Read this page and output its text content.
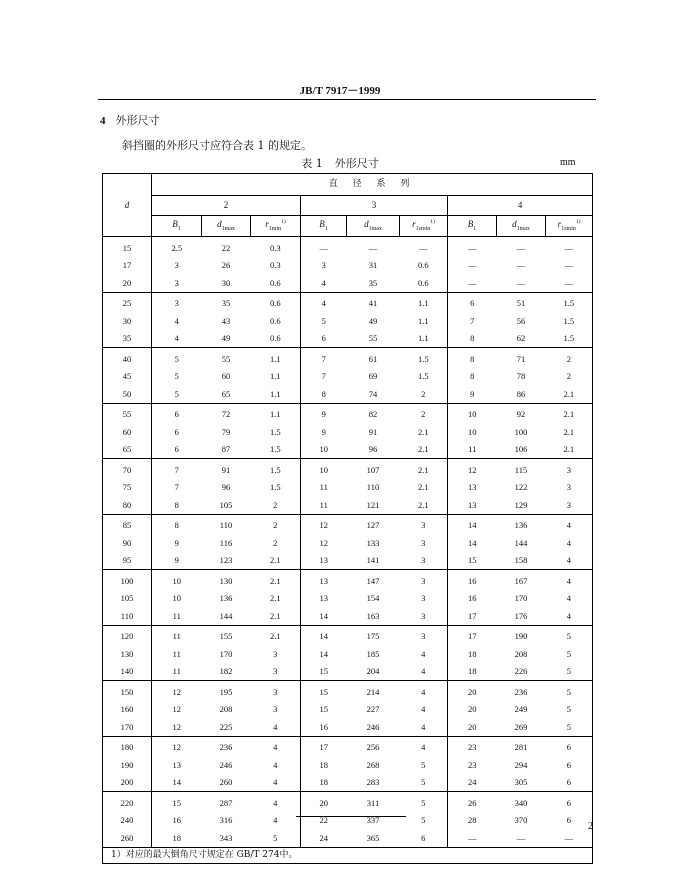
JB/T 7917－1999
4 外形尺寸
斜挡圈的外形尺寸应符合表 1 的规定。
表 1 外形尺寸	mm
d	直 径 系 列								
	2			3			4		
	$B_1$	$d_{1max}$	$r_{1min}^{1)}$	$B_1$	$d_{1max}$	$r_{1smin}^{1)}$	$B_1$	$d_{1max}$	$r_{1smin}^{1)}$
15	2.5	22	0.3	—	—	—	—	—	—
17	3	26	0.3	3	31	0.6	—	—	—
20	3	30	0.6	4	35	0.6	—	—	—
25	3	35	0.6	4	41	1.1	6	51	1.5
30	4	43	0.6	5	49	1.1	7	56	1.5
35	4	49	0.6	6	55	1.1	8	62	1.5
40	5	55	1.1	7	61	1.5	8	71	2
45	5	60	1.1	7	69	1.5	8	78	2
50	5	65	1.1	8	74	2	9	86	2.1
55	6	72	1.1	9	82	2	10	92	2.1
60	6	79	1.5	9	91	2.1	10	100	2.1
65	6	87	1.5	10	96	2.1	11	106	2.1
70	7	91	1.5	10	107	2.1	12	115	3
75	7	96	1.5	11	110	2.1	13	122	3
80	8	105	2	11	121	2.1	13	129	3
85	8	110	2	12	127	3	14	136	4
90	9	116	2	12	133	3	14	144	4
95	9	123	2.1	13	141	3	15	158	4
100	10	130	2.1	13	147	3	16	167	4
105	10	136	2.1	13	154	3	16	170	4
110	11	144	2.1	14	163	3	17	176	4
120	11	155	2.1	14	175	3	17	190	5
130	11	170	3	14	185	4	18	208	5
140	11	182	3	15	204	4	18	226	5
150	12	195	3	15	214	4	20	236	5
160	12	208	3	15	227	4	20	249	5
170	12	225	4	16	246	4	20	269	5
180	12	236	4	17	256	4	23	281	6
190	13	246	4	18	268	5	23	294	6
200	14	260	4	18	283	5	24	305	6
220	15	287	4	20	311	5	26	340	6
240	16	316	4	22	337	5	28	370	6
260	18	343	5	24	365	6	—	—	—
1）对应的最大倒角尺寸规定在 GB/T 274中。									
2
